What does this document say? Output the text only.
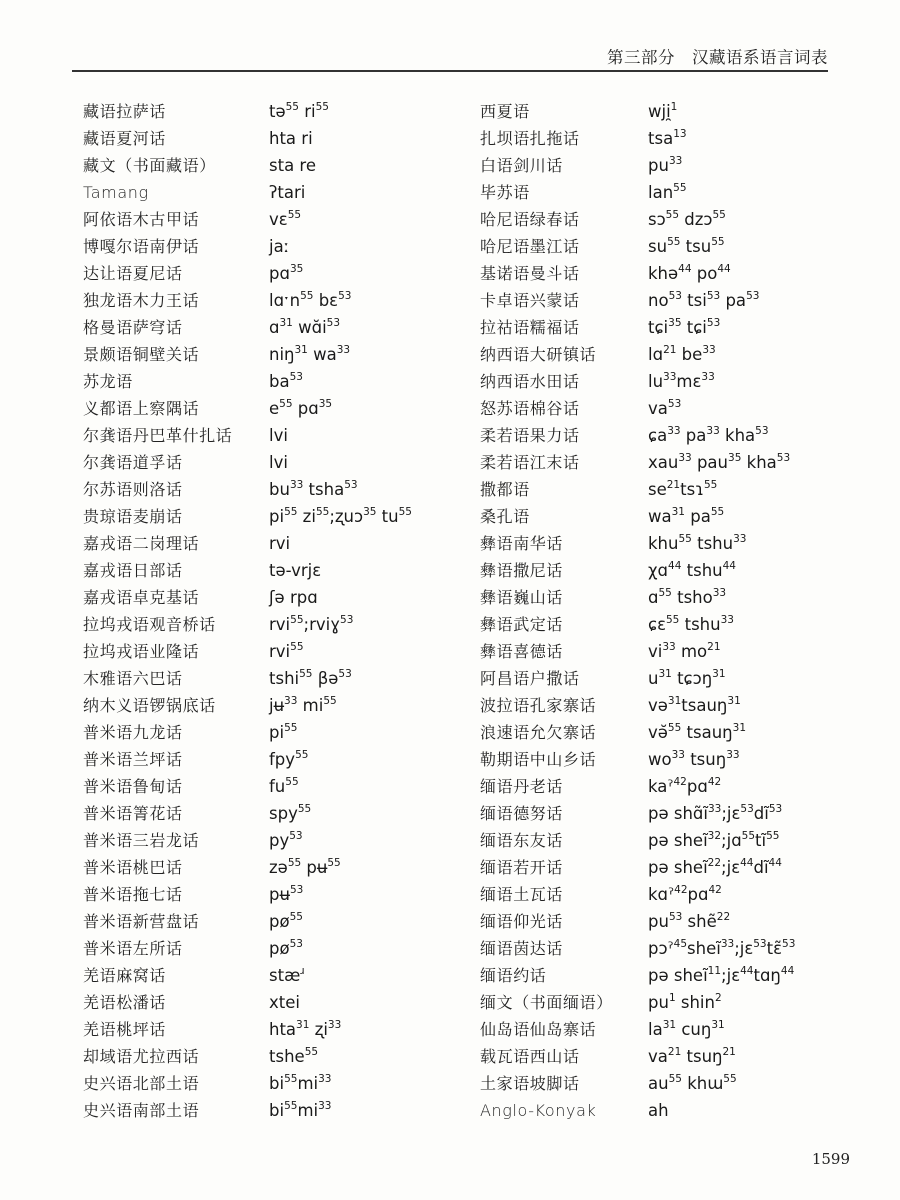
第三部分　汉藏语系语言词表
藏语拉萨话	tə$^{55}$ $ri^{55}$
藏语夏河话	hta ri
藏文（书面藏语）	sta re
Tamang	ʔtari
阿依语木古甲话	vɛ$^{55}$
博嘎尔语南伊话	jaː
达让语夏尼话	pɑ$^{35}$
独龙语木力王话	lɑˑn$^{55}$ bɛ$^{53}$
格曼语萨穹话	ɑ$^{31}$ $wɑ̆i^{53}$
景颇语铜壁关话	niŋ$^{31}$ $wa^{33}$
苏龙语	$ba^{53}$
义都语上察隅话	$e^{55}$ pɑ$^{35}$
尔龚语丹巴革什扎话	lvi
尔龚语道孚话	lvi
尔苏语则洛话	$bu^{33}$ tsha$^{53}$
贵琼语麦崩话	$pi^{55}$ $zi^{55};ʐuɔ^{35}$ $tu^{55}$
嘉戎语二岗理话	rvi
嘉戎语日部话	tə-vrjɛ
嘉戎语卓克基话	ʃə rpɑ
拉坞戎语观音桥话	rvi$^{55}$;rviɣ$^{53}$
拉坞戎语业隆话	rvi$^{55}$
木雅语六巴话	tshi$^{55}$ βə$^{53}$
纳木义语锣锅底话	jʉ$^{33}$ $mi^{55}$
普米语九龙话	$pi^{55}$
普米语兰坪话	fpy$^{55}$
普米语鲁甸话	$fu^{55}$
普米语箐花话	spy$^{55}$
普米语三岩龙话	$py^{53}$
普米语桃巴话	zə$^{55}$ pʉ$^{55}$
普米语拖七话	pʉ$^{53}$
普米语新营盘话	$pø^{55}$
普米语左所话	$pø^{53}$
羌语麻窝话	stæ$^ɹ$
羌语松潘话	xtei
羌语桃坪话	hta$^{31}$ ʐi$^{33}$
却域语尤拉西话	tshe$^{55}$
史兴语北部土语	$bi^{55}mi^{33}$
史兴语南部土语	$bi^{55}mi^{33}$
西夏语	wji̯$^1$
扎坝语扎拖话	tsa$^{13}$
白语剑川话	$pu^{33}$
毕苏语	lan$^{55}$
哈尼语绿春话	sɔ$^{55}$ dzɔ$^{55}$
哈尼语墨江话	$su^{55}$ tsu$^{55}$
基诺语曼斗话	khə$^{44}$ $po^{44}$
卡卓语兴蒙话	$no^{53}$ tsi$^{53}$ $pa^{53}$
拉祜语糯福话	tɕi$^{35}$ tɕi$^{53}$
纳西语大研镇话	lɑ$^{21}$ $be^{33}$
纳西语水田话	$lu^{33}mɛ^{33}$
怒苏语棉谷话	$va^{53}$
柔若语果力话	ɕa$^{33}$ $pa^{33}$ kha$^{53}$
柔若语江末话	xau$^{33}$ pau$^{35}$ kha$^{53}$
撒都语	$se^{21}tsɿ^{55}$
桑孔语	$wa^{31}$ $pa^{55}$
彝语南华话	khu$^{55}$ tshu$^{33}$
彝语撒尼话	χɑ$^{44}$ tshu$^{44}$
彝语巍山话	ɑ$^{55}$ tsho$^{33}$
彝语武定话	ɕɛ$^{55}$ tshu$^{33}$
彝语喜德话	$vi^{33}$ $mo^{21}$
阿昌语户撒话	$u^{31}$ tɕɔŋ$^{31}$
波拉语孔家寨话	və$^{31}$tsauŋ$^{31}$
浪速语允欠寨话	vǝ̆$^{55}$ tsauŋ$^{31}$
勒期语中山乡话	$wo^{33}$ tsuŋ$^{33}$
缅语丹老话	kaˀ$^{42}$pɑ$^{42}$
缅语德努话	pə $shɑ̃ĩ^{33};jɛ^{53}dĩ^{53}$
缅语东友话	pə $sheĩ^{32};jɑ^{55}tĩ^{55}$
缅语若开话	pə $sheĩ^{22};jɛ^{44}dĩ^{44}$
缅语土瓦话	kɑˀ$^{42}$pɑ$^{42}$
缅语仰光话	$pu^{53}$ shẽ$^{22}$
缅语茵达话	pɔˀ$^{45}$sheĩ$^{33}$;jɛ$^{53}$tɛ̃$^{53}$
缅语约话	pə sheĩ$^{11}$;jɛ$^{44}$tɑŋ$^{44}$
缅文（书面缅语）	$pu^1$ shin$^2$
仙岛语仙岛寨话	$la^{31}$ cuŋ$^{31}$
载瓦语西山话	$va^{21}$ tsuŋ$^{21}$
土家语坡脚话	$au^{55}$ khɯ$^{55}$
Anglo-Konyak	ah
1599
